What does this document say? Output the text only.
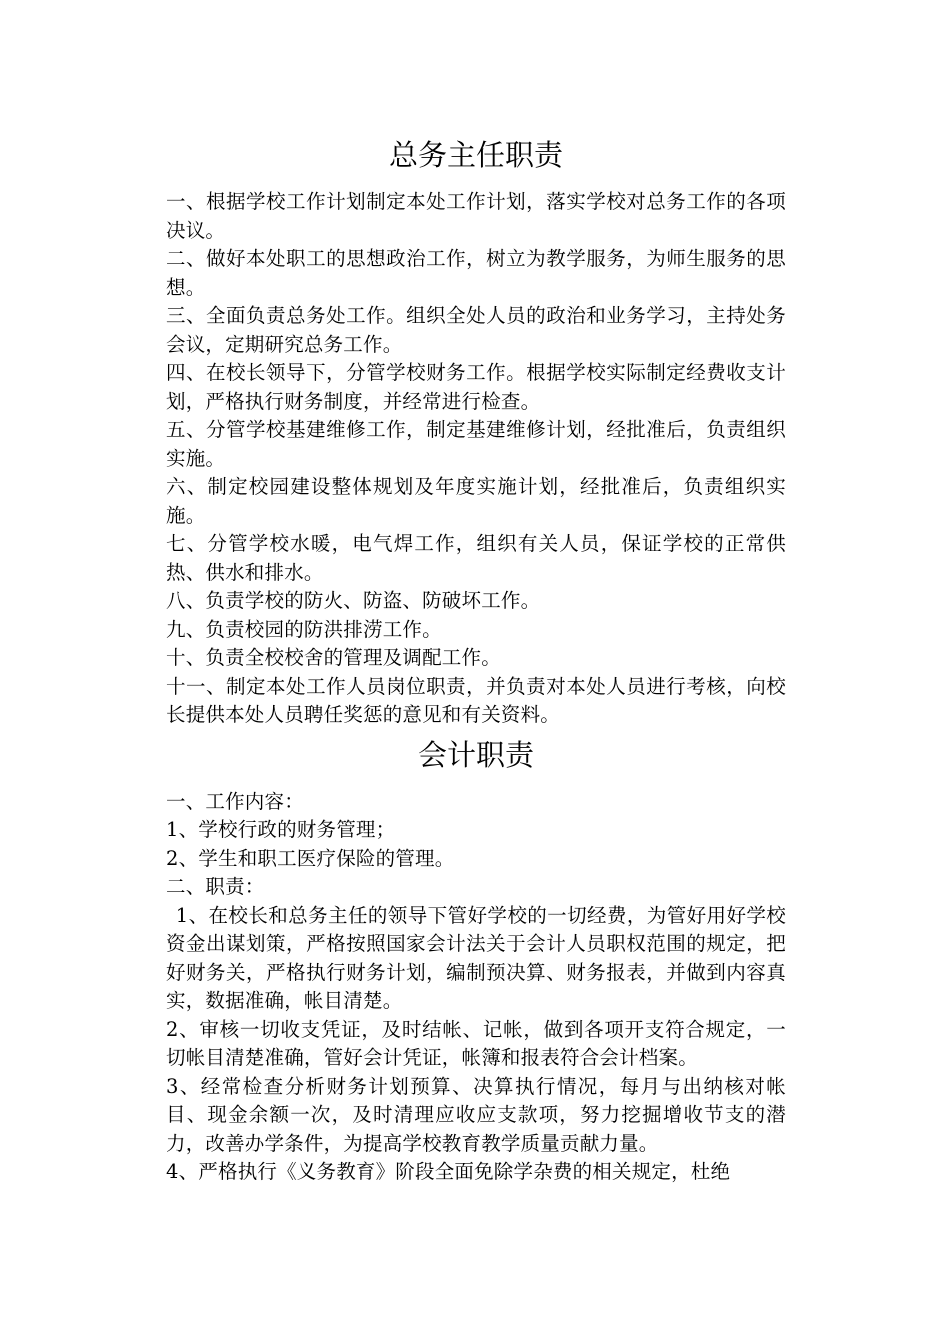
总务主任职责

一、根据学校工作计划制定本处工作计划，落实学校对总务工作的各项决议。

二、做好本处职工的思想政治工作，树立为教学服务，为师生服务的思想。

三、全面负责总务处工作。组织全处人员的政治和业务学习，主持处务会议，定期研究总务工作。

四、在校长领导下，分管学校财务工作。根据学校实际制定经费收支计划，严格执行财务制度，并经常进行检查。

五、分管学校基建维修工作，制定基建维修计划，经批准后，负责组织实施。

六、制定校园建设整体规划及年度实施计划，经批准后，负责组织实施。

七、分管学校水暖，电气焊工作，组织有关人员，保证学校的正常供热、供水和排水。

八、负责学校的防火、防盗、防破坏工作。

九、负责校园的防洪排涝工作。

十、负责全校校舍的管理及调配工作。

十一、制定本处工作人员岗位职责，并负责对本处人员进行考核，向校长提供本处人员聘任奖惩的意见和有关资料。

会计职责

一、工作内容：

1、学校行政的财务管理；

2、学生和职工医疗保险的管理。

二、职责：

1、在校长和总务主任的领导下管好学校的一切经费，为管好用好学校资金出谋划策，严格按照国家会计法关于会计人员职权范围的规定，把好财务关，严格执行财务计划，编制预决算、财务报表，并做到内容真实，数据准确，帐目清楚。

2、审核一切收支凭证，及时结帐、记帐，做到各项开支符合规定，一切帐目清楚准确，管好会计凭证，帐簿和报表符合会计档案。

3、经常检查分析财务计划预算、决算执行情况，每月与出纳核对帐目、现金余额一次，及时清理应收应支款项，努力挖掘增收节支的潜力，改善办学条件，为提高学校教育教学质量贡献力量。

4、严格执行《义务教育》阶段全面免除学杂费的相关规定，杜绝
